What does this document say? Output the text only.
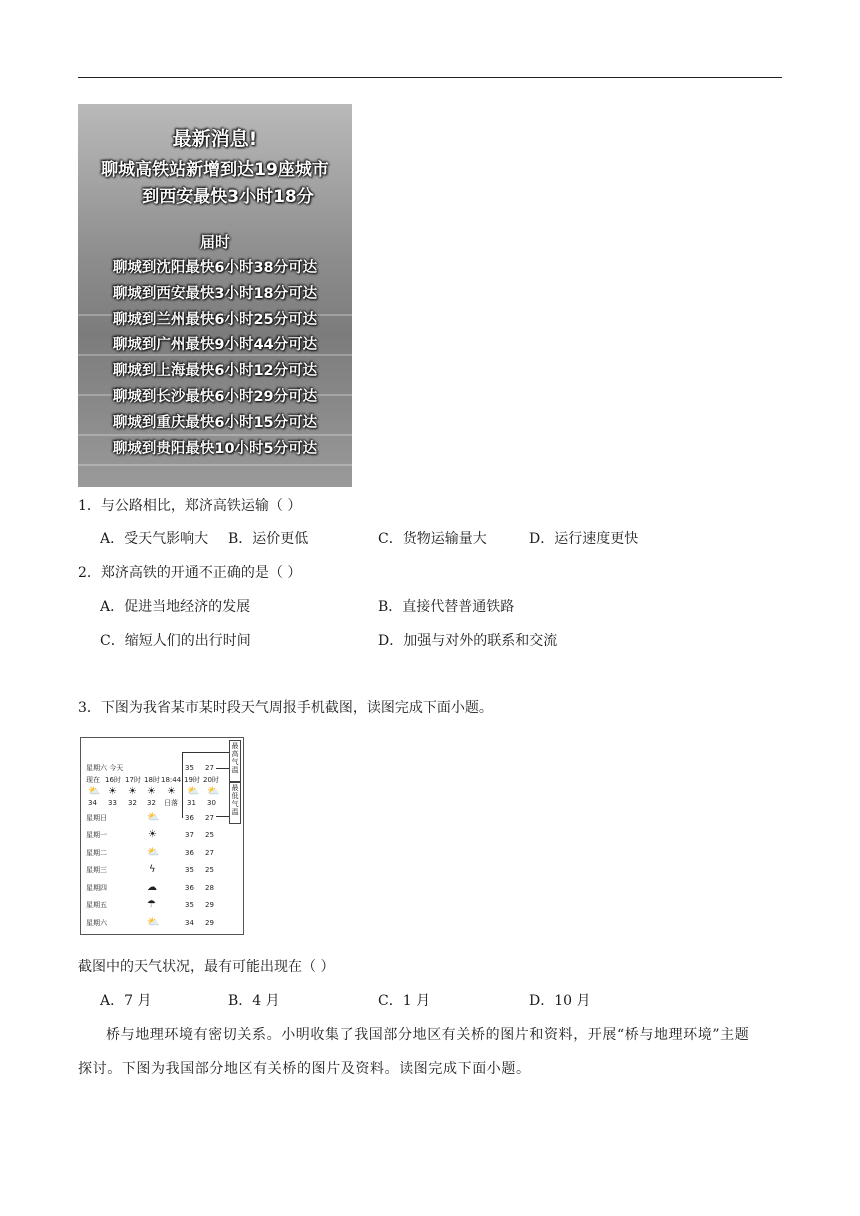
最新消息!
聊城高铁站新增到达19座城市
到西安最快3小时18分
届时
聊城到沈阳最快6小时38分可达
聊城到西安最快3小时18分可达
聊城到兰州最快6小时25分可达
聊城到广州最快9小时44分可达
聊城到上海最快6小时12分可达
聊城到长沙最快6小时29分可达
聊城到重庆最快6小时15分可达
聊城到贵阳最快10小时5分可达
1．与公路相比，郑济高铁运输（ ）
A．受天气影响大 B．运价更低	C．货物运输量大	D．运行速度更快
2．郑济高铁的开通不正确的是（ ）
A．促进当地经济的发展	B．直接代替普通铁路
C．缩短人们的出行时间	D．加强与对外的联系和交流
3．下图为我省某市某时段天气周报手机截图，读图完成下面小题。
星期六 今天	35 27
现在 16时 17时 18时 18:44 19时 20时
⛅ ☀ ☀ ☀ ☀ ⛅ ⛅
34 33 32 32 日落 31 30
最高气温
最低气温
星期日	⛅	36 27
星期一	☀	37 25
星期二	⛅	36 27
星期三	ϟ	35 25
星期四	☁	36 28
星期五	☂	35 29
星期六	⛅	34 29
截图中的天气状况，最有可能出现在（ ）
A．7 月	B．4 月	C．1 月	D．10 月
桥与地理环境有密切关系。小明收集了我国部分地区有关桥的图片和资料，开展“桥与地理环境”主题
探讨。下图为我国部分地区有关桥的图片及资料。读图完成下面小题。
